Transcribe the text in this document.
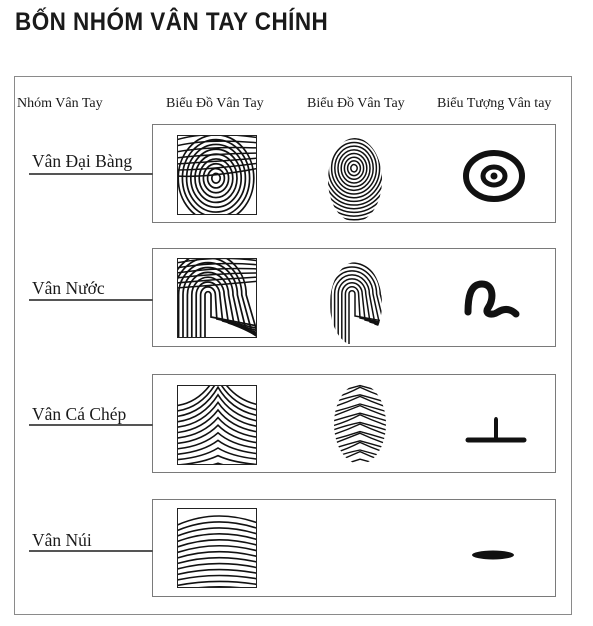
BỐN NHÓM VÂN TAY CHÍNH
Nhóm Vân Tay	Biểu Đồ Vân Tay	Biểu Đồ Vân Tay Biểu Tượng Vân tay
Vân Đại Bàng
Vân Nước
Vân Cá Chép
Vân Núi
